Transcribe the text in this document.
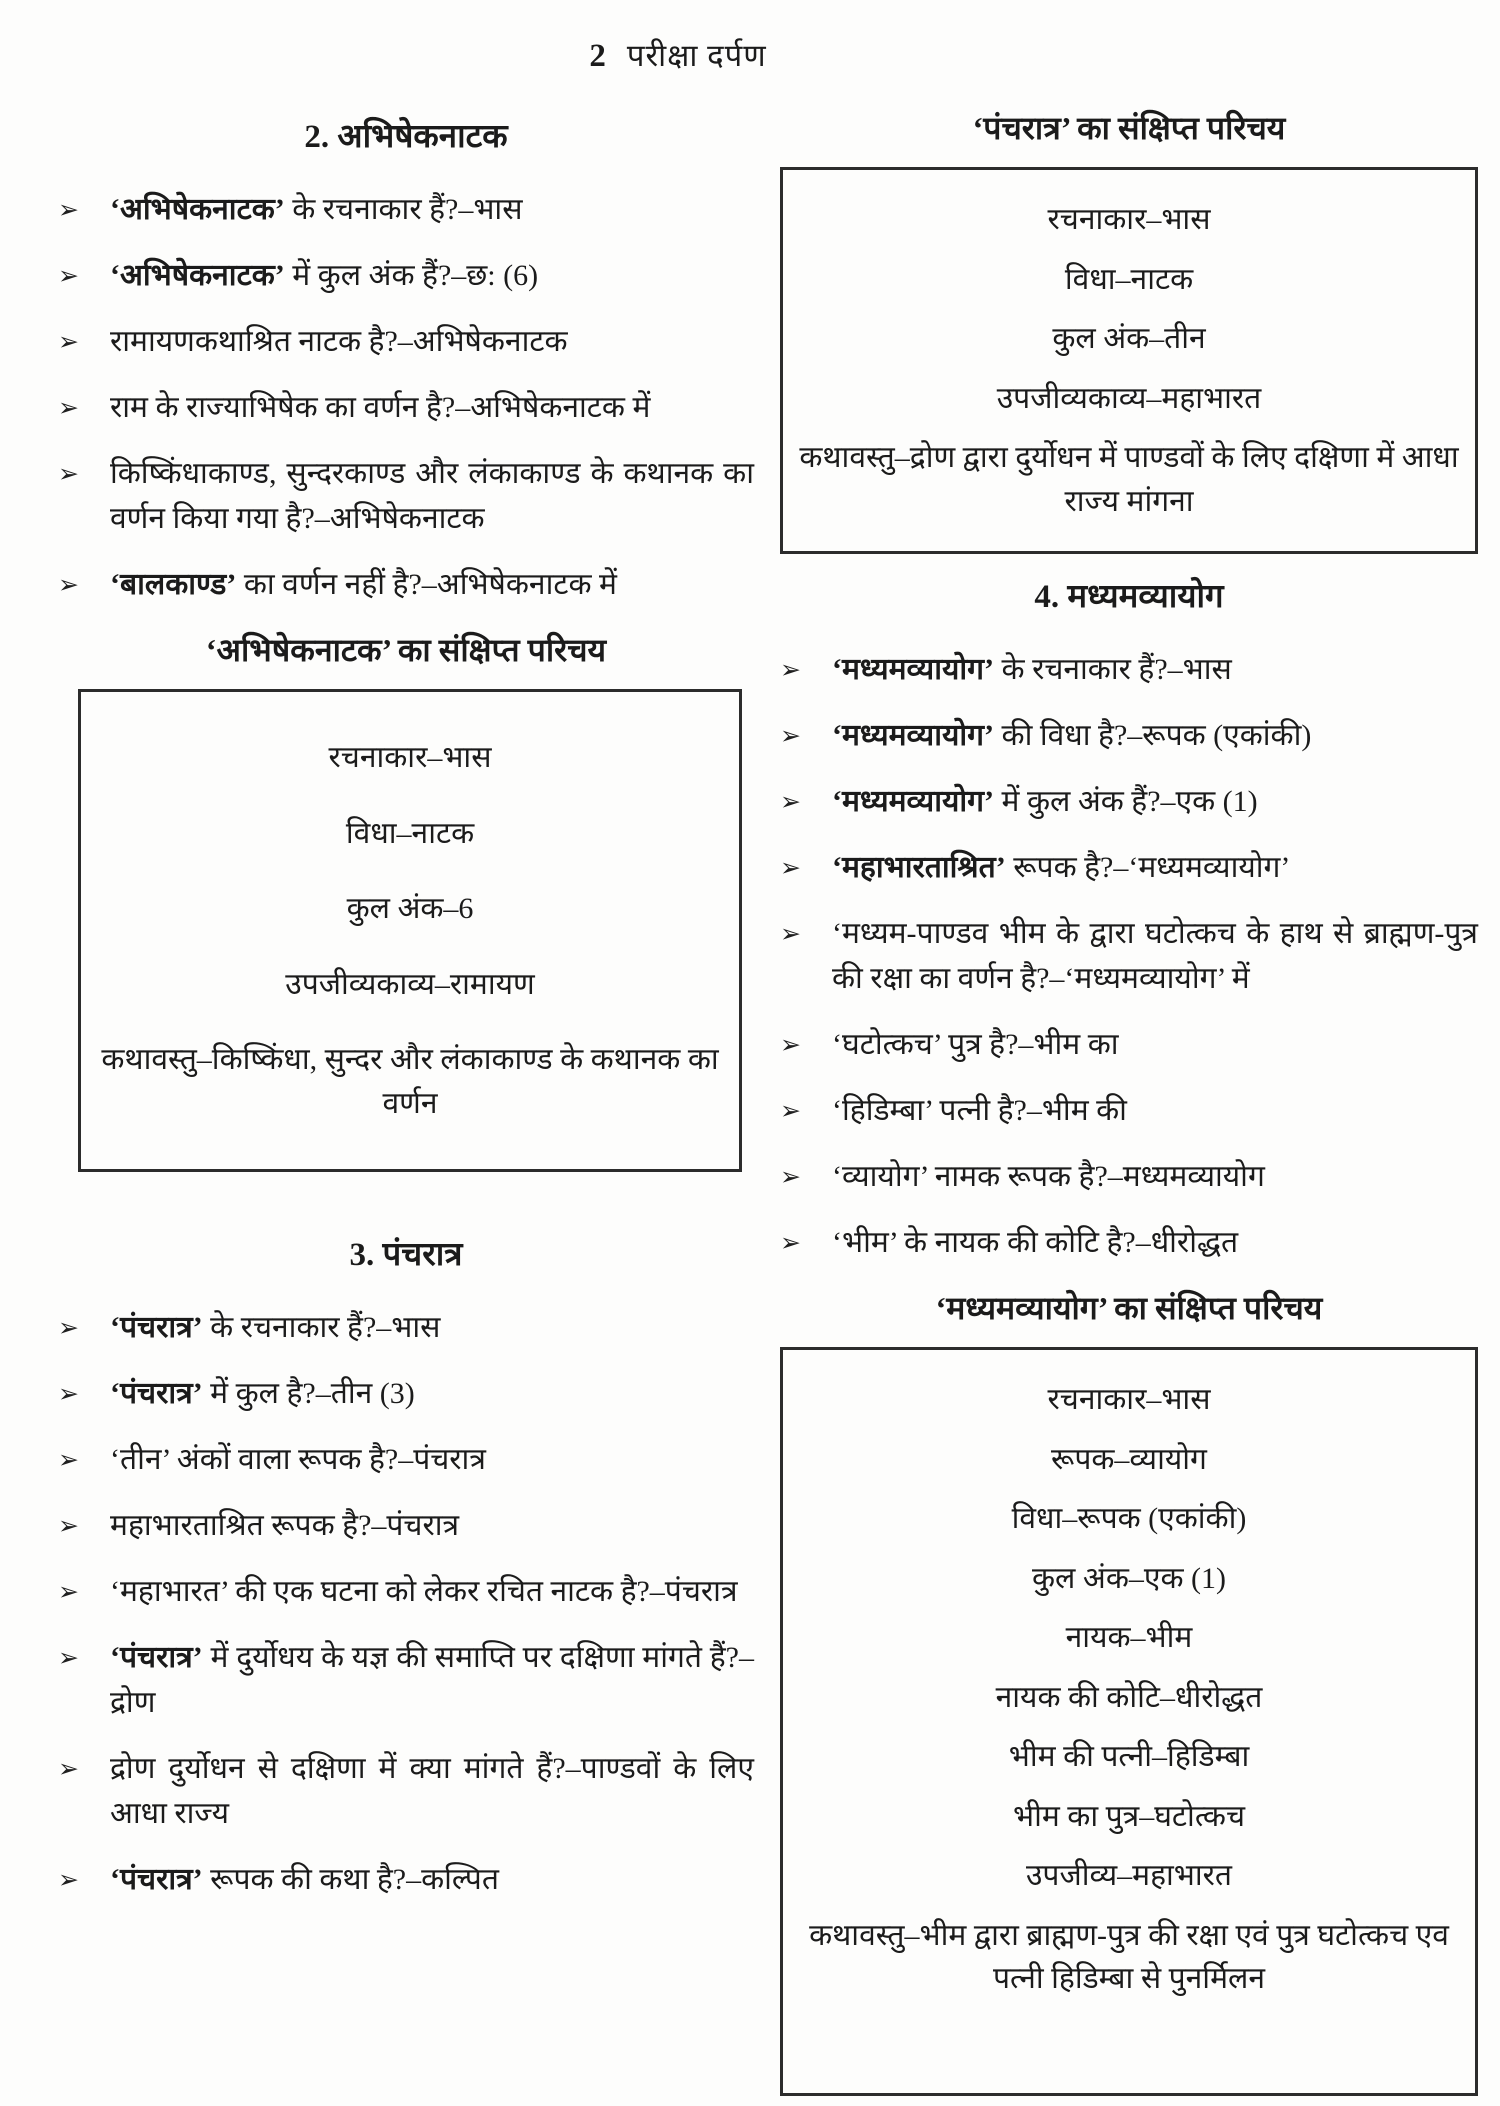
2 परीक्षा दर्पण
2. अभिषेकनाटक
➢	‘अभिषेकनाटक’ के रचनाकार हैं?–भास
➢	‘अभिषेकनाटक’ में कुल अंक हैं?–छ: (6)
➢	रामायणकथाश्रित नाटक है?–अभिषेकनाटक
➢	राम के राज्याभिषेक का वर्णन है?–अभिषेकनाटक में
➢	किष्किंधाकाण्ड, सुन्दरकाण्ड और लंकाकाण्ड के कथानक का वर्णन किया गया है?–अभिषेकनाटक
➢	‘बालकाण्ड’ का वर्णन नहीं है?–अभिषेकनाटक में
‘अभिषेकनाटक’ का संक्षिप्त परिचय
रचनाकार–भास
विधा–नाटक
कुल अंक–6
उपजीव्यकाव्य–रामायण
कथावस्तु–किष्किंधा, सुन्दर और लंकाकाण्ड के कथानक का वर्णन
3. पंचरात्र
➢	‘पंचरात्र’ के रचनाकार हैं?–भास
➢	‘पंचरात्र’ में कुल है?–तीन (3)
➢	‘तीन’ अंकों वाला रूपक है?–पंचरात्र
➢	महाभारताश्रित रूपक है?–पंचरात्र
➢	‘महाभारत’ की एक घटना को लेकर रचित नाटक है?–पंचरात्र
➢	‘पंचरात्र’ में दुर्योधय के यज्ञ की समाप्ति पर दक्षिणा मांगते हैं?–द्रोण
➢	द्रोण दुर्योधन से दक्षिणा में क्या मांगते हैं?–पाण्डवों के लिए आधा राज्य
➢	‘पंचरात्र’ रूपक की कथा है?–कल्पित
‘पंचरात्र’ का संक्षिप्त परिचय
रचनाकार–भास
विधा–नाटक
कुल अंक–तीन
उपजीव्यकाव्य–महाभारत
कथावस्तु–द्रोण द्वारा दुर्योधन में पाण्डवों के लिए दक्षिणा में आधा राज्य मांगना
4. मध्यमव्यायोग
➢	‘मध्यमव्यायोग’ के रचनाकार हैं?–भास
➢	‘मध्यमव्यायोग’ की विधा है?–रूपक (एकांकी)
➢	‘मध्यमव्यायोग’ में कुल अंक हैं?–एक (1)
➢	‘महाभारताश्रित’ रूपक है?–‘मध्यमव्यायोग’
➢	‘मध्यम-पाण्डव भीम के द्वारा घटोत्कच के हाथ से ब्राह्मण-पुत्र की रक्षा का वर्णन है?–‘मध्यमव्यायोग’ में
➢	‘घटोत्कच’ पुत्र है?–भीम का
➢	‘हिडिम्बा’ पत्नी है?–भीम की
➢	‘व्यायोग’ नामक रूपक है?–मध्यमव्यायोग
➢	‘भीम’ के नायक की कोटि है?–धीरोद्धत
‘मध्यमव्यायोग’ का संक्षिप्त परिचय
रचनाकार–भास
रूपक–व्यायोग
विधा–रूपक (एकांकी)
कुल अंक–एक (1)
नायक–भीम
नायक की कोटि–धीरोद्धत
भीम की पत्नी–हिडिम्बा
भीम का पुत्र–घटोत्कच
उपजीव्य–महाभारत
कथावस्तु–भीम द्वारा ब्राह्मण-पुत्र की रक्षा एवं पुत्र घटोत्कच एव पत्नी हिडिम्बा से पुनर्मिलन
